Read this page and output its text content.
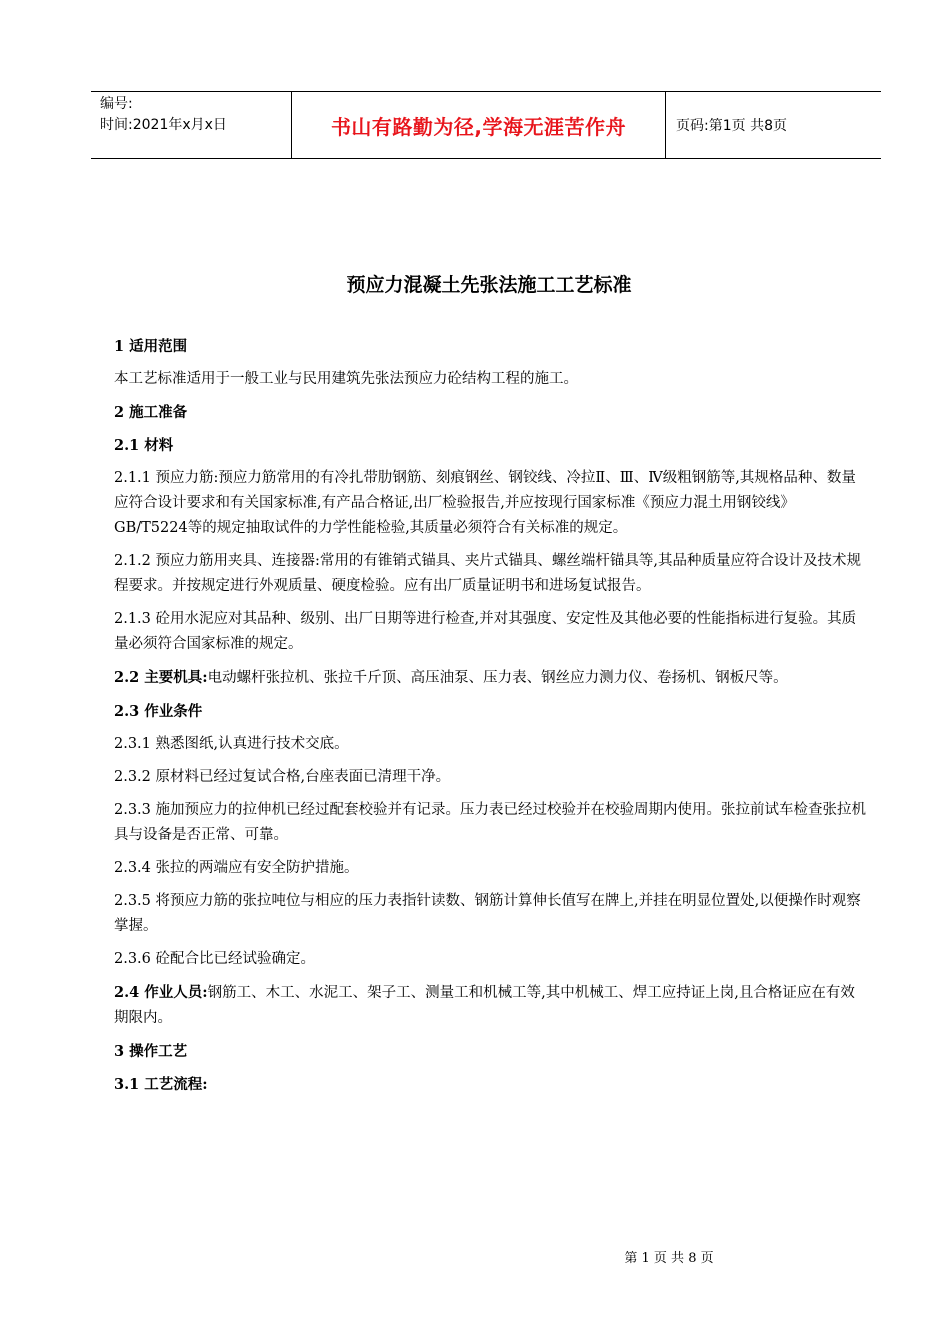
编号:
时间:2021年x月x日	书山有路勤为径,学海无涯苦作舟	页码:第1页 共8页
预应力混凝土先张法施工工艺标准

1 适用范围

本工艺标准适用于一般工业与民用建筑先张法预应力砼结构工程的施工。

2 施工准备

2.1 材料

2.1.1 预应力筋:预应力筋常用的有冷扎带肋钢筋、刻痕钢丝、钢铰线、冷拉Ⅱ、Ⅲ、Ⅳ级粗钢筋等,其规格品种、数量应符合设计要求和有关国家标准,有产品合格证,出厂检验报告,并应按现行国家标准《预应力混土用钢铰线》GB/T5224等的规定抽取试件的力学性能检验,其质量必须符合有关标准的规定。

2.1.2 预应力筋用夹具、连接器:常用的有锥销式锚具、夹片式锚具、螺丝端杆锚具等,其品种质量应符合设计及技术规程要求。并按规定进行外观质量、硬度检验。应有出厂质量证明书和进场复试报告。

2.1.3 砼用水泥应对其品种、级别、出厂日期等进行检查,并对其强度、安定性及其他必要的性能指标进行复验。其质量必须符合国家标准的规定。

2.2 主要机具:电动螺杆张拉机、张拉千斤顶、高压油泵、压力表、钢丝应力测力仪、卷扬机、钢板尺等。

2.3 作业条件

2.3.1 熟悉图纸,认真进行技术交底。

2.3.2 原材料已经过复试合格,台座表面已清理干净。

2.3.3 施加预应力的拉伸机已经过配套校验并有记录。压力表已经过校验并在校验周期内使用。张拉前试车检查张拉机具与设备是否正常、可靠。

2.3.4 张拉的两端应有安全防护措施。

2.3.5 将预应力筋的张拉吨位与相应的压力表指针读数、钢筋计算伸长值写在牌上,并挂在明显位置处,以便操作时观察掌握。

2.3.6 砼配合比已经试验确定。

2.4 作业人员:钢筋工、木工、水泥工、架子工、测量工和机械工等,其中机械工、焊工应持证上岗,且合格证应在有效期限内。

3 操作工艺

3.1 工艺流程:

第 1 页 共 8 页
